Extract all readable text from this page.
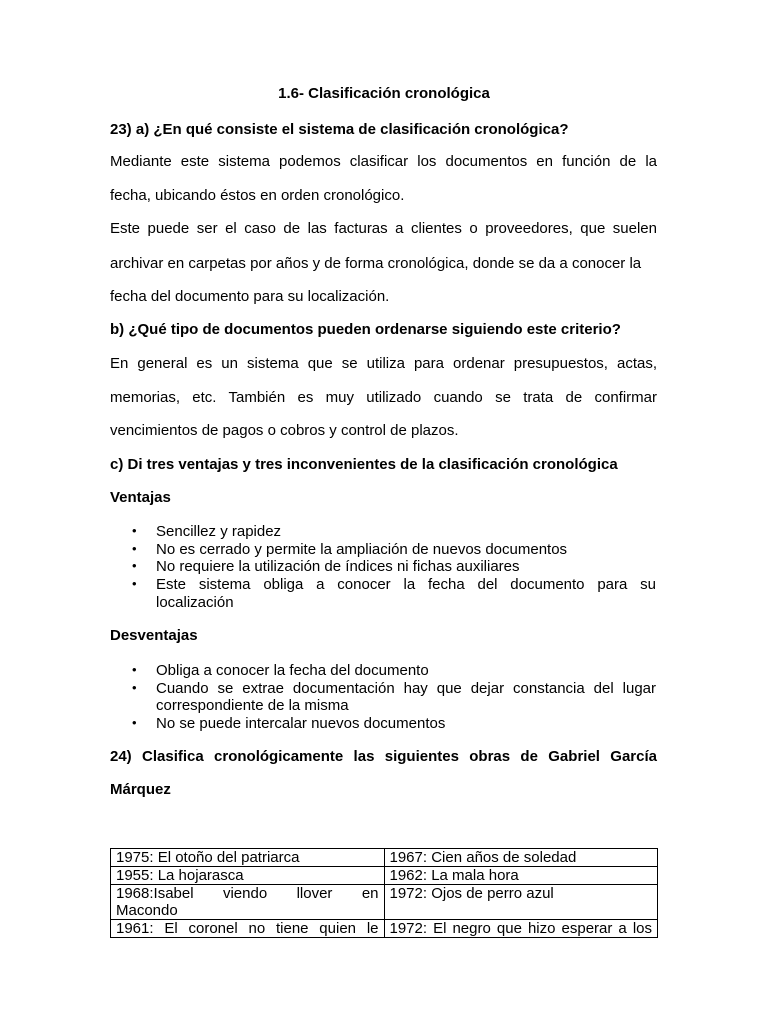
1.6- Clasificación cronológica
23) a) ¿En qué consiste el sistema de clasificación cronológica?
Mediante este sistema podemos clasificar los documentos en función de la
fecha, ubicando éstos en orden cronológico.
Este puede ser el caso de las facturas a clientes o proveedores, que suelen
archivar en carpetas por años y de forma cronológica, donde se da a conocer la
fecha del documento para su localización.
b) ¿Qué tipo de documentos pueden ordenarse siguiendo este criterio?
En general es un sistema que se utiliza para ordenar presupuestos, actas,
memorias, etc. También es muy utilizado cuando se trata de confirmar
vencimientos de pagos o cobros y control de plazos.
c) Di tres ventajas y tres inconvenientes de la clasificación cronológica
Ventajas
• Sencillez y rapidez
• No es cerrado y permite la ampliación de nuevos documentos
• No requiere la utilización de índices ni fichas auxiliares
• Este sistema obliga a conocer la fecha del documento para su
localización
Desventajas
• Obliga a conocer la fecha del documento
• Cuando se extrae documentación hay que dejar constancia del lugar
correspondiente de la misma
• No se puede intercalar nuevos documentos
24) Clasifica cronológicamente las siguientes obras de Gabriel García
Márquez
1975: El otoño del patriarca	1967: Cien años de soledad
1955: La hojarasca	1962: La mala hora

1968:Isabel viendo llover en
Macondo	1972: Ojos de perro azul

1961: El coronel no tiene quien le	1972: El negro que hizo esperar a los
